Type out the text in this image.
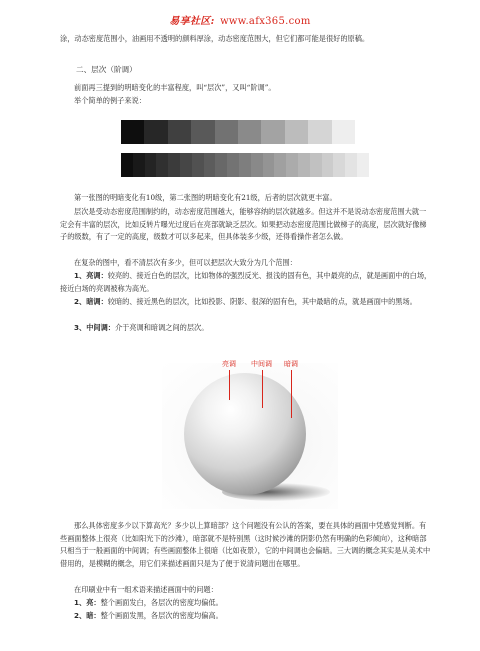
易享社区: www.afx365.com

涂，动态密度范围小，油画用不透明的颜料厚涂，动态密度范围大，但它们都可能是很好的原稿。

二、层次（阶调）

前面再三提到的明暗变化的丰富程度，叫“层次”，又叫“阶调”。

举个简单的例子来说：

第一张图的明暗变化有10级，第二张图的明暗变化有21级，后者的层次就更丰富。

层次是受动态密度范围制约的，动态密度范围越大，能够容纳的层次就越多。但这并不是说动态密度范围大就一定会有丰富的层次，比如反转片曝光过度后在亮部就缺乏层次。如果把动态密度范围比做梯子的高度，层次就好像梯子的级数，有了一定的高度，级数才可以多起来，但具体装多少级，还得看操作者怎么做。

在复杂的图中，看不清层次有多少，但可以把层次大致分为几个范围：

1、亮调：较亮的、接近白色的层次，比如物体的强烈反光、报浅的固有色，其中最亮的点，就是画面中的白场，接近白场的亮调被称为高光。

2、暗调：较暗的、接近黑色的层次，比如投影、阴影、很深的固有色，其中最暗的点，就是画面中的黑场。

3、中间调：介于亮调和暗调之间的层次。

亮调 中间调 暗调

那么具体密度多少以下算高光？多少以上算暗部？这个问题没有公认的答案，要在具体的画面中凭感觉判断。有些画面整体上很亮（比如阳光下的沙滩），暗部就不是特别黑（这时候沙滩的阴影仍然有明确的色彩倾向），这种暗部只相当于一般画面的中间调；有些画面整体上很暗（比如夜景），它的中间调也会偏暗。三大调的概念其实是从美术中借用的，是模糊的概念，用它们来描述画面只是为了便于说清问题出在哪里。

在印刷业中有一组术语来描述画面中的问题：

1、亮：整个画面发白，各层次的密度均偏低。

2、暗：整个画面发黑，各层次的密度均偏高。
